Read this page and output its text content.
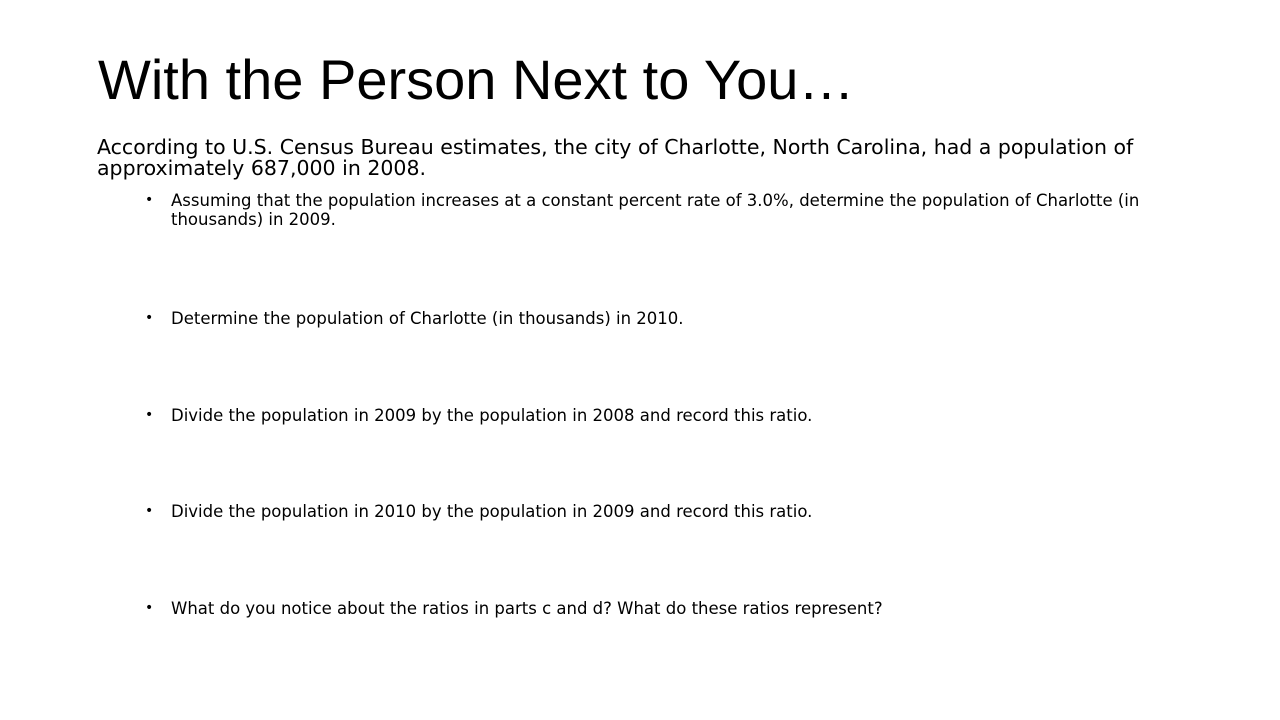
With the Person Next to You…

According to U.S. Census Bureau estimates, the city of Charlotte, North Carolina, had a population of approximately 687,000 in 2008.

• Assuming that the population increases at a constant percent rate of 3.0%, determine the population of Charlotte (in thousands) in 2009.
• Determine the population of Charlotte (in thousands) in 2010.
• Divide the population in 2009 by the population in 2008 and record this ratio.
• Divide the population in 2010 by the population in 2009 and record this ratio.
• What do you notice about the ratios in parts c and d? What do these ratios represent?
